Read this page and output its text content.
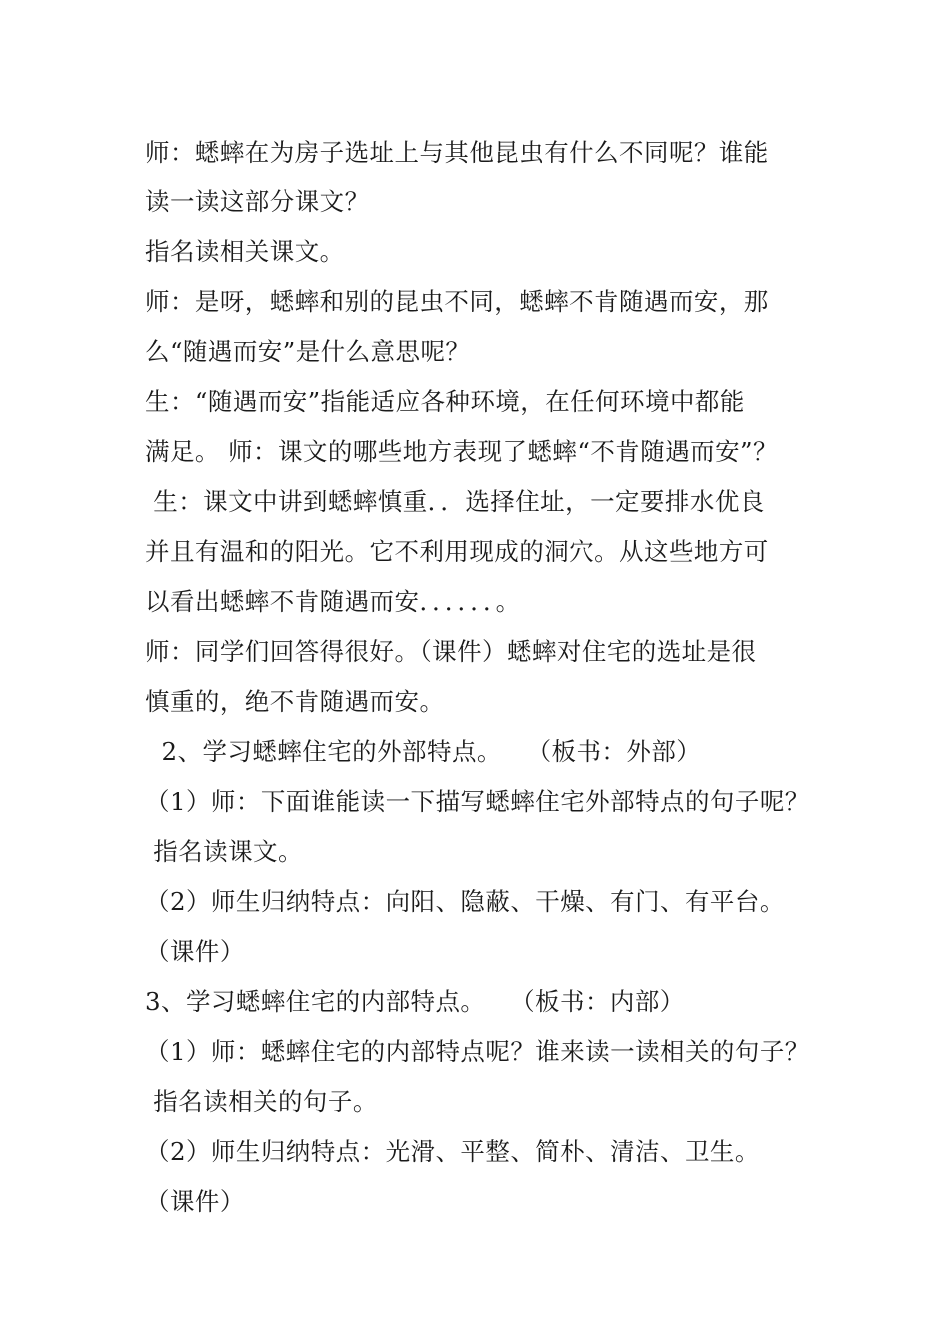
师：蟋蟀在为房子选址上与其他昆虫有什么不同呢？谁能
读一读这部分课文？
指名读相关课文。
师：是呀，蟋蟀和别的昆虫不同，蟋蟀不肯随遇而安，那
么“随遇而安”是什么意思呢？
生：“随遇而安”指能适应各种环境，在任何环境中都能
满足。 师：课文的哪些地方表现了蟋蟀“不肯随遇而安”？
生：课文中讲到蟋蟀慎重．．选择住址，一定要排水优良
并且有温和的阳光。它不利用现成的洞穴。从这些地方可
以看出蟋蟀不肯随遇而安．．．．．．。
师：同学们回答得很好。（课件）蟋蟀对住宅的选址是很
慎重的，绝不肯随遇而安。
2、学习蟋蟀住宅的外部特点。   （板书：外部）
（1）师：下面谁能读一下描写蟋蟀住宅外部特点的句子呢？
指名读课文。
（2）师生归纳特点：向阳、隐蔽、干燥、有门、有平台。
（课件）
3、学习蟋蟀住宅的内部特点。   （板书：内部）
（1）师：蟋蟀住宅的内部特点呢？谁来读一读相关的句子？
指名读相关的句子。
（2）师生归纳特点：光滑、平整、简朴、清洁、卫生。
（课件）
